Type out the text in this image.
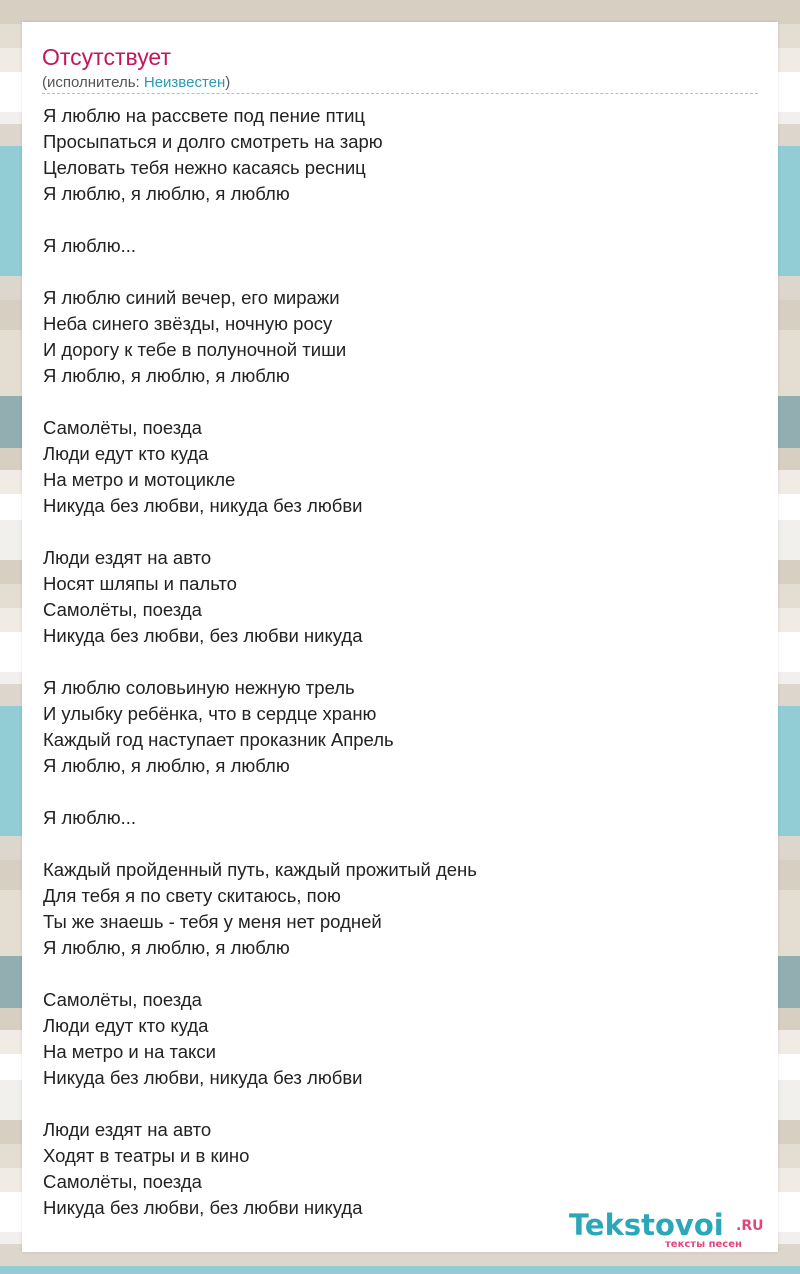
Отсутствует
(исполнитель: Неизвестен)
Я люблю на рассвете под пение птиц
Просыпаться и долго смотреть на зарю
Целовать тебя нежно касаясь ресниц
Я люблю, я люблю, я люблю
Я люблю...
Я люблю синий вечер, его миражи
Неба синего звёзды, ночную росу
И дорогу к тебе в полуночной тиши
Я люблю, я люблю, я люблю
Самолёты, поезда
Люди едут кто куда
На метро и мотоцикле
Никуда без любви, никуда без любви
Люди ездят на авто
Носят шляпы и пальто
Самолёты, поезда
Никуда без любви, без любви никуда
Я люблю соловьиную нежную трель
И улыбку ребёнка, что в сердце храню
Каждый год наступает проказник Апрель
Я люблю, я люблю, я люблю
Я люблю...
Каждый пройденный путь, каждый прожитый день
Для тебя я по свету скитаюсь, пою
Ты же знаешь - тебя у меня нет родней
Я люблю, я люблю, я люблю
Самолёты, поезда
Люди едут кто куда
На метро и на такси
Никуда без любви, никуда без любви
Люди ездят на авто
Ходят в театры и в кино
Самолёты, поезда
Никуда без любви, без любви никуда
Tekstovoi .RU
тексты песен
